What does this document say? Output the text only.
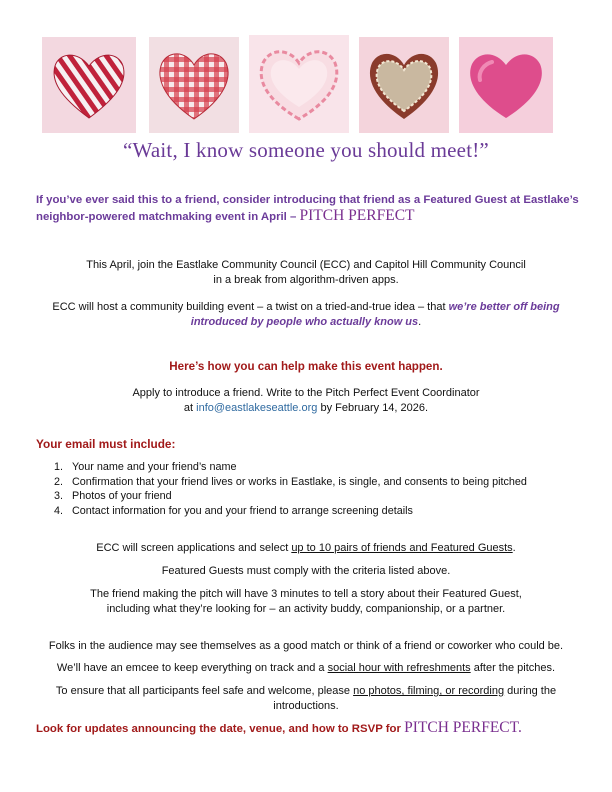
“Wait, I know someone you should meet!”
If you’ve ever said this to a friend, consider introducing that friend as a Featured Guest at Eastlake’s neighbor-powered matchmaking event in April – PITCH PERFECT
This April, join the Eastlake Community Council (ECC) and Capitol Hill Community Council
in a break from algorithm-driven apps.
ECC will host a community building event – a twist on a tried-and-true idea – that we’re better off being introduced by people who actually know us.
Here’s how you can help make this event happen.
Apply to introduce a friend. Write to the Pitch Perfect Event Coordinator
at info@eastlakeseattle.org by February 14, 2026.
Your email must include:
1. Your name and your friend’s name
2. Confirmation that your friend lives or works in Eastlake, is single, and consents to being pitched
3. Photos of your friend
4. Contact information for you and your friend to arrange screening details
ECC will screen applications and select up to 10 pairs of friends and Featured Guests.
Featured Guests must comply with the criteria listed above.
The friend making the pitch will have 3 minutes to tell a story about their Featured Guest,
including what they’re looking for – an activity buddy, companionship, or a partner.
Folks in the audience may see themselves as a good match or think of a friend or coworker who could be.
We’ll have an emcee to keep everything on track and a social hour with refreshments after the pitches.
To ensure that all participants feel safe and welcome, please no photos, filming, or recording during the
introductions.
Look for updates announcing the date, venue, and how to RSVP for PITCH PERFECT.
